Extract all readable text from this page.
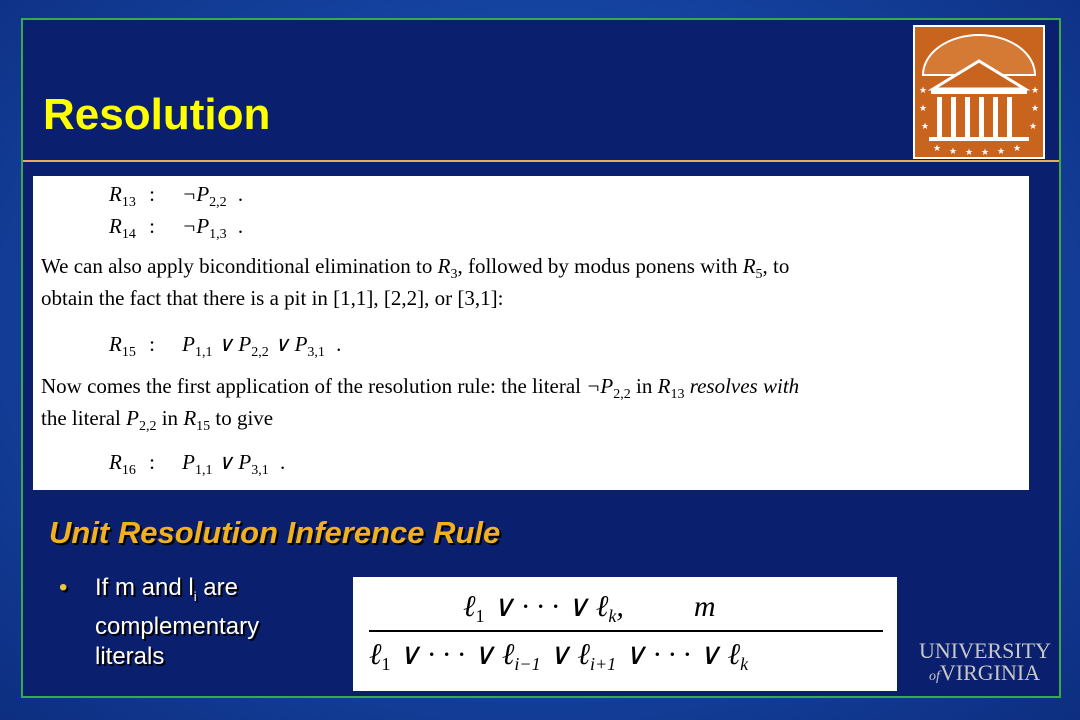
Resolution	★
★
★
★
★
★
★ ★ ★ ★ ★ ★
$R_{13}$ : $\neg P_{2,2}$ .
$R_{14}$ : $\neg P_{1,3}$ .
We can also apply biconditional elimination to $R_3$, followed by modus ponens with $R_5$, to
obtain the fact that there is a pit in [1,1], [2,2], or [3,1]:
$R_{15}$ : $P_{1,1}$ ∨ $P_{2,2}$ ∨ $P_{3,1}$ .
Now comes the first application of the resolution rule: the literal $\neg P_{2,2}$ in $R_{13}$ resolves with
the literal $P_{2,2}$ in $R_{15}$ to give
$R_{16}$ : $P_{1,1}$ ∨ $P_{3,1}$ .
Unit Resolution Inference Rule
• If m and $l_i$ are complementary literals
ℓ$_1$ ∨ · · · ∨ ℓ$_k$, m
ℓ$_1$ ∨ · · · ∨ ℓ$_{i-1}$ ∨ ℓ$_{i+1}$ ∨ · · · ∨ ℓ$_k$
UNIVERSITY
ofVIRGINIA
